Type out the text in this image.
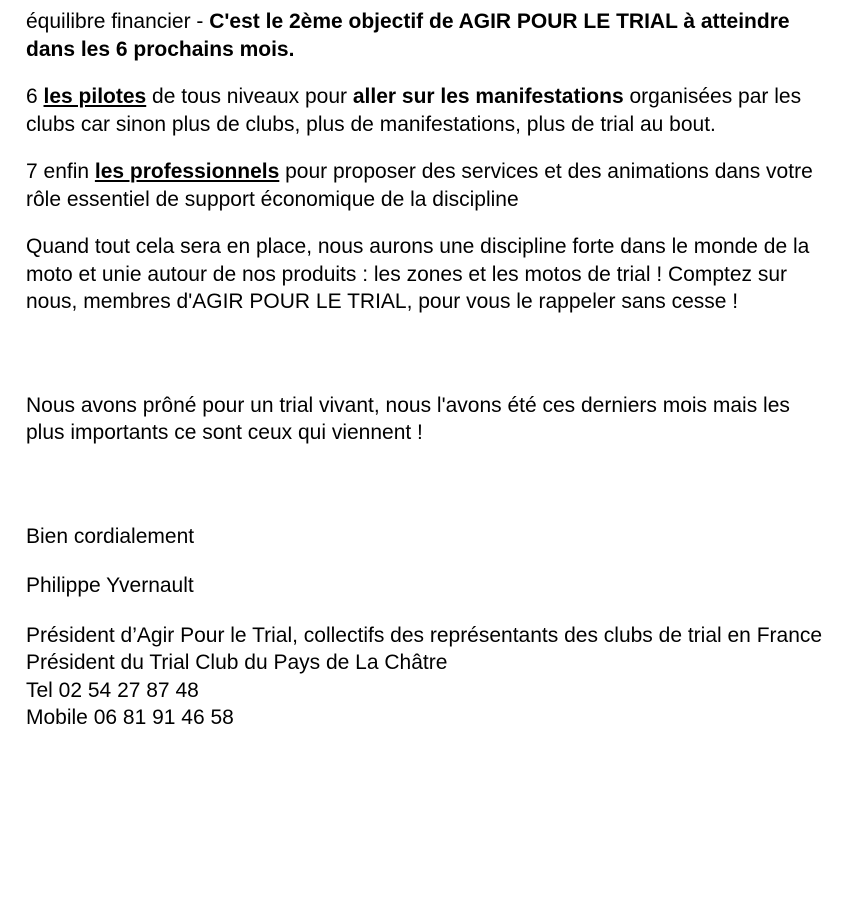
équilibre financier - C'est le 2ème objectif de AGIR POUR LE TRIAL à atteindre dans les 6 prochains mois.

6 les pilotes de tous niveaux pour aller sur les manifestations organisées par les clubs car sinon plus de clubs, plus de manifestations, plus de trial au bout.

7 enfin les professionnels pour proposer des services et des animations dans votre rôle essentiel de support économique de la discipline

Quand tout cela sera en place, nous aurons une discipline forte dans le monde de la moto et unie autour de nos produits : les zones et les motos de trial ! Comptez sur nous, membres d'AGIR POUR LE TRIAL, pour vous le rappeler sans cesse !

Nous avons prôné pour un trial vivant, nous l'avons été ces derniers mois mais les plus importants ce sont ceux qui viennent !

Bien cordialement

Philippe Yvernault

Président d’Agir Pour le Trial, collectifs des représentants des clubs de trial en France

Président du Trial Club du Pays de La Châtre

Tel 02 54 27 87 48

Mobile 06 81 91 46 58
